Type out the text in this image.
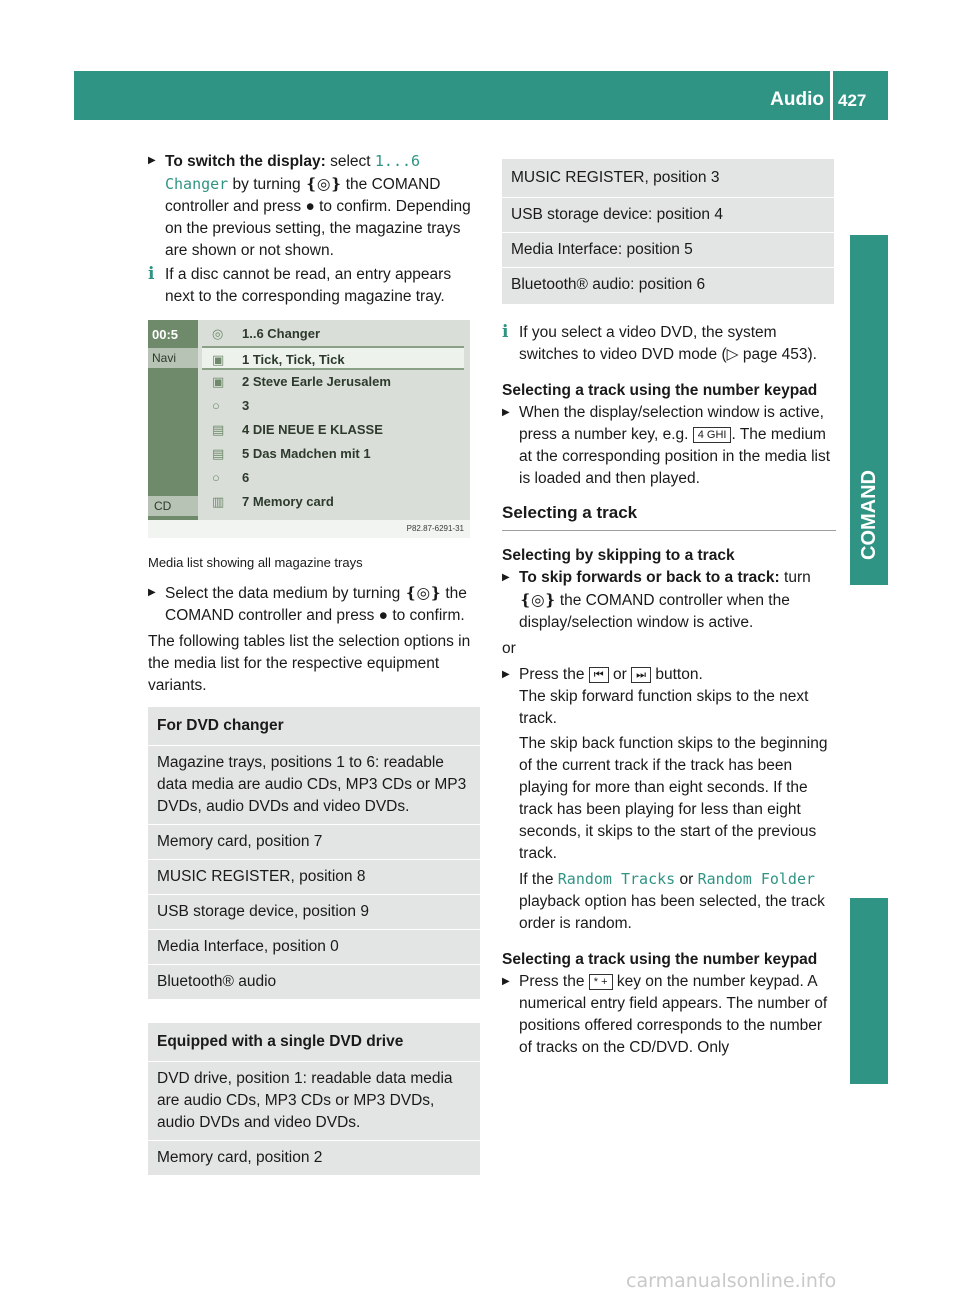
Audio 427
COMAND
▶ To switch the display: select 1...6 Changer by turning ❴◎❵ the COMAND controller and press ● to confirm. Depending on the previous setting, the magazine trays are shown or not shown.
i If a disc cannot be read, an entry appears next to the corresponding magazine tray.
00:5
Navi
CD
◎ 1..6 Changer
▣ 1 Tick, Tick, Tick
▣ 2 Steve Earle Jerusalem
○ 3
▤ 4 DIE NEUE E KLASSE
▤ 5 Das Madchen mit 1
○ 6
▥ 7 Memory card
P82.87-6291-31
Media list showing all magazine trays
▶ Select the data medium by turning ❴◎❵ the COMAND controller and press ● to confirm.
The following tables list the selection options in the media list for the respective equipment variants.
For DVD changer
Magazine trays, positions 1 to 6: readable data media are audio CDs, MP3 CDs or MP3 DVDs, audio DVDs and video DVDs.
Memory card, position 7
MUSIC REGISTER, position 8
USB storage device, position 9
Media Interface, position 0
Bluetooth® audio
Equipped with a single DVD drive
DVD drive, position 1: readable data media are audio CDs, MP3 CDs or MP3 DVDs, audio DVDs and video DVDs.
Memory card, position 2
MUSIC REGISTER, position 3
USB storage device: position 4
Media Interface: position 5
Bluetooth® audio: position 6
i If you select a video DVD, the system switches to video DVD mode (▷ page 453).
Selecting a track using the number keypad
▶ When the display/selection window is active, press a number key, e.g. 4 GHI . The medium at the corresponding position in the media list is loaded and then played.
Selecting a track
Selecting by skipping to a track
▶ To skip forwards or back to a track: turn ❴◎❵ the COMAND controller when the display/selection window is active.
or
▶ Press the ⏮ or ⏭ button.
The skip forward function skips to the next track.
The skip back function skips to the beginning of the current track if the track has been playing for more than eight seconds. If the track has been playing for less than eight seconds, it skips to the start of the previous track.
If the Random Tracks or Random Folder playback option has been selected, the track order is random.
Selecting a track using the number keypad
▶ Press the * + key on the number keypad. A numerical entry field appears. The number of positions offered corresponds to the number of tracks on the CD/DVD. Only
carmanualsonline.info
